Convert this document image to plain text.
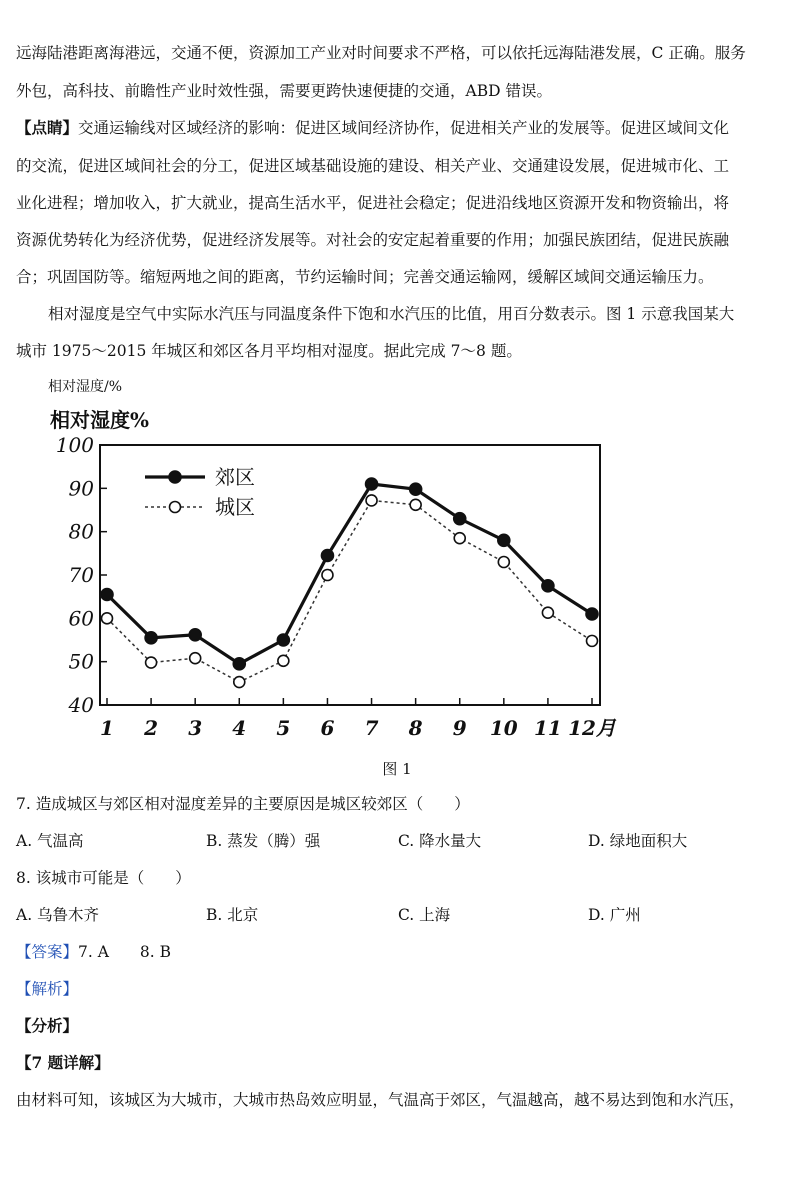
远海陆港距离海港远，交通不便，资源加工产业对时间要求不严格，可以依托远海陆港发展，C 正确。服务
外包，高科技、前瞻性产业时效性强，需要更跨快速便捷的交通，ABD 错误。
【点睛】交通运输线对区域经济的影响：促进区域间经济协作，促进相关产业的发展等。促进区域间文化
的交流，促进区域间社会的分工，促进区域基础设施的建设、相关产业、交通建设发展，促进城市化、工
业化进程；增加收入，扩大就业，提高生活水平，促进社会稳定；促进沿线地区资源开发和物资输出，将
资源优势转化为经济优势，促进经济发展等。对社会的安定起着重要的作用；加强民族团结，促进民族融
合；巩固国防等。缩短两地之间的距离，节约运输时间；完善交通运输网，缓解区域间交通运输压力。
相对湿度是空气中实际水汽压与同温度条件下饱和水汽压的比值，用百分数表示。图 1 示意我国某大
城市 1975～2015 年城区和郊区各月平均相对湿度。据此完成 7～8 题。
相对湿度/%
相对湿度%
40
50
60
70
80
90
100
1 2 3 4 5 6 7 8 9 10 11 12月
郊区
城区
图 1
7. 造成城区与郊区相对湿度差异的主要原因是城区较郊区（　　）
A. 气温高	B. 蒸发（腾）强	C. 降水量大	D. 绿地面积大
8. 该城市可能是（　　）
A. 乌鲁木齐	B. 北京	C. 上海	D. 广州
【答案】7. A　　8. B
【解析】
【分析】
【7 题详解】
由材料可知，该城区为大城市，大城市热岛效应明显，气温高于郊区，气温越高，越不易达到饱和水汽压，
